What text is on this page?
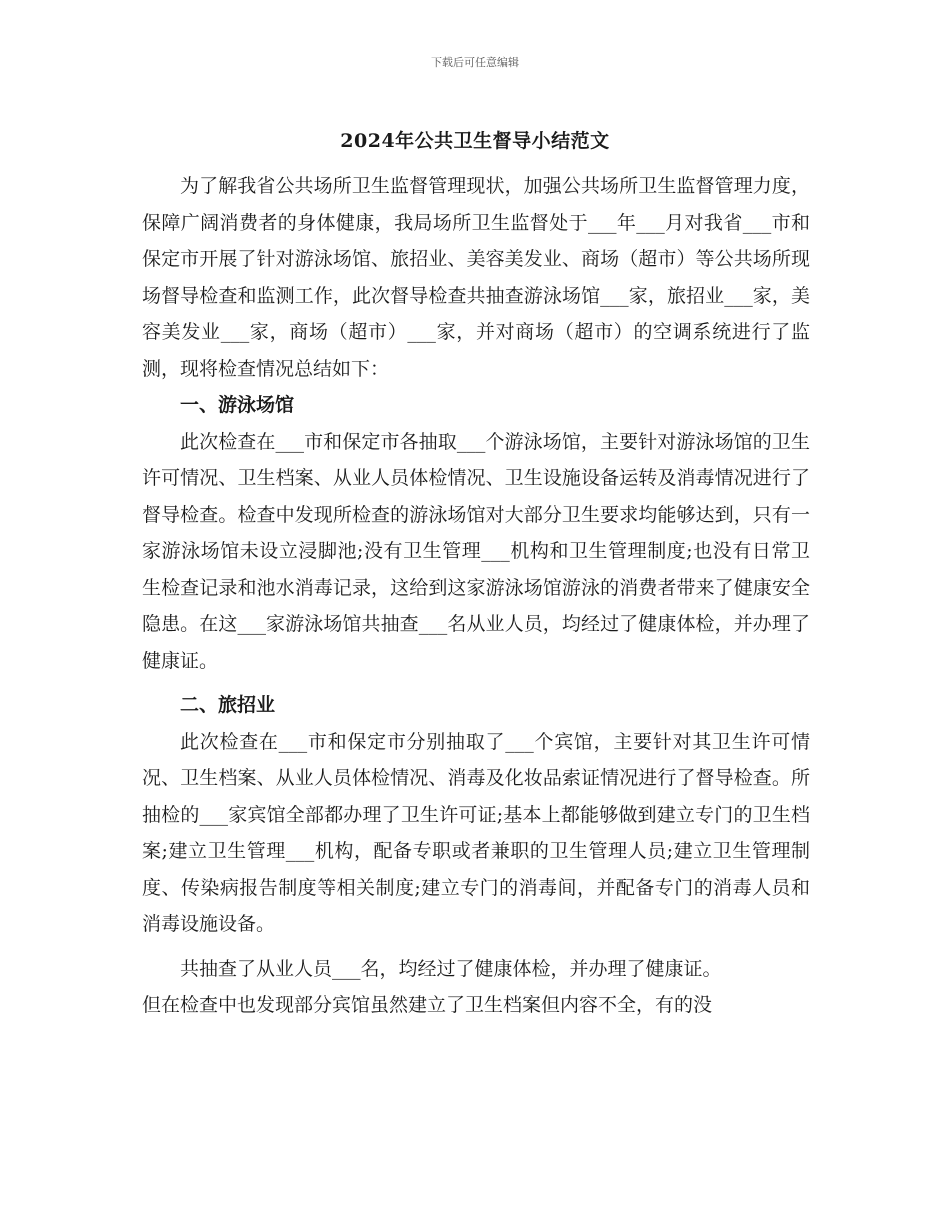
下载后可任意编辑
2024年公共卫生督导小结范文

为了解我省公共场所卫生监督管理现状，加强公共场所卫生监督管理力度，保障广阔消费者的身体健康，我局场所卫生监督处于___年___月对我省___市和保定市开展了针对游泳场馆、旅招业、美容美发业、商场（超市）等公共场所现场督导检查和监测工作，此次督导检查共抽查游泳场馆___家，旅招业___家，美容美发业___家，商场（超市）___家，并对商场（超市）的空调系统进行了监测，现将检查情况总结如下：

一、游泳场馆

此次检查在___市和保定市各抽取___个游泳场馆，主要针对游泳场馆的卫生许可情况、卫生档案、从业人员体检情况、卫生设施设备运转及消毒情况进行了督导检查。检查中发现所检查的游泳场馆对大部分卫生要求均能够达到，只有一家游泳场馆未设立浸脚池;没有卫生管理___机构和卫生管理制度;也没有日常卫生检查记录和池水消毒记录，这给到这家游泳场馆游泳的消费者带来了健康安全隐患。在这___家游泳场馆共抽查___名从业人员，均经过了健康体检，并办理了健康证。

二、旅招业

此次检查在___市和保定市分别抽取了___个宾馆，主要针对其卫生许可情况、卫生档案、从业人员体检情况、消毒及化妆品索证情况进行了督导检查。所抽检的___家宾馆全部都办理了卫生许可证;基本上都能够做到建立专门的卫生档案;建立卫生管理___机构，配备专职或者兼职的卫生管理人员;建立卫生管理制度、传染病报告制度等相关制度;建立专门的消毒间，并配备专门的消毒人员和消毒设施设备。

共抽查了从业人员___名，均经过了健康体检，并办理了健康证。

但在检查中也发现部分宾馆虽然建立了卫生档案但内容不全，有的没
